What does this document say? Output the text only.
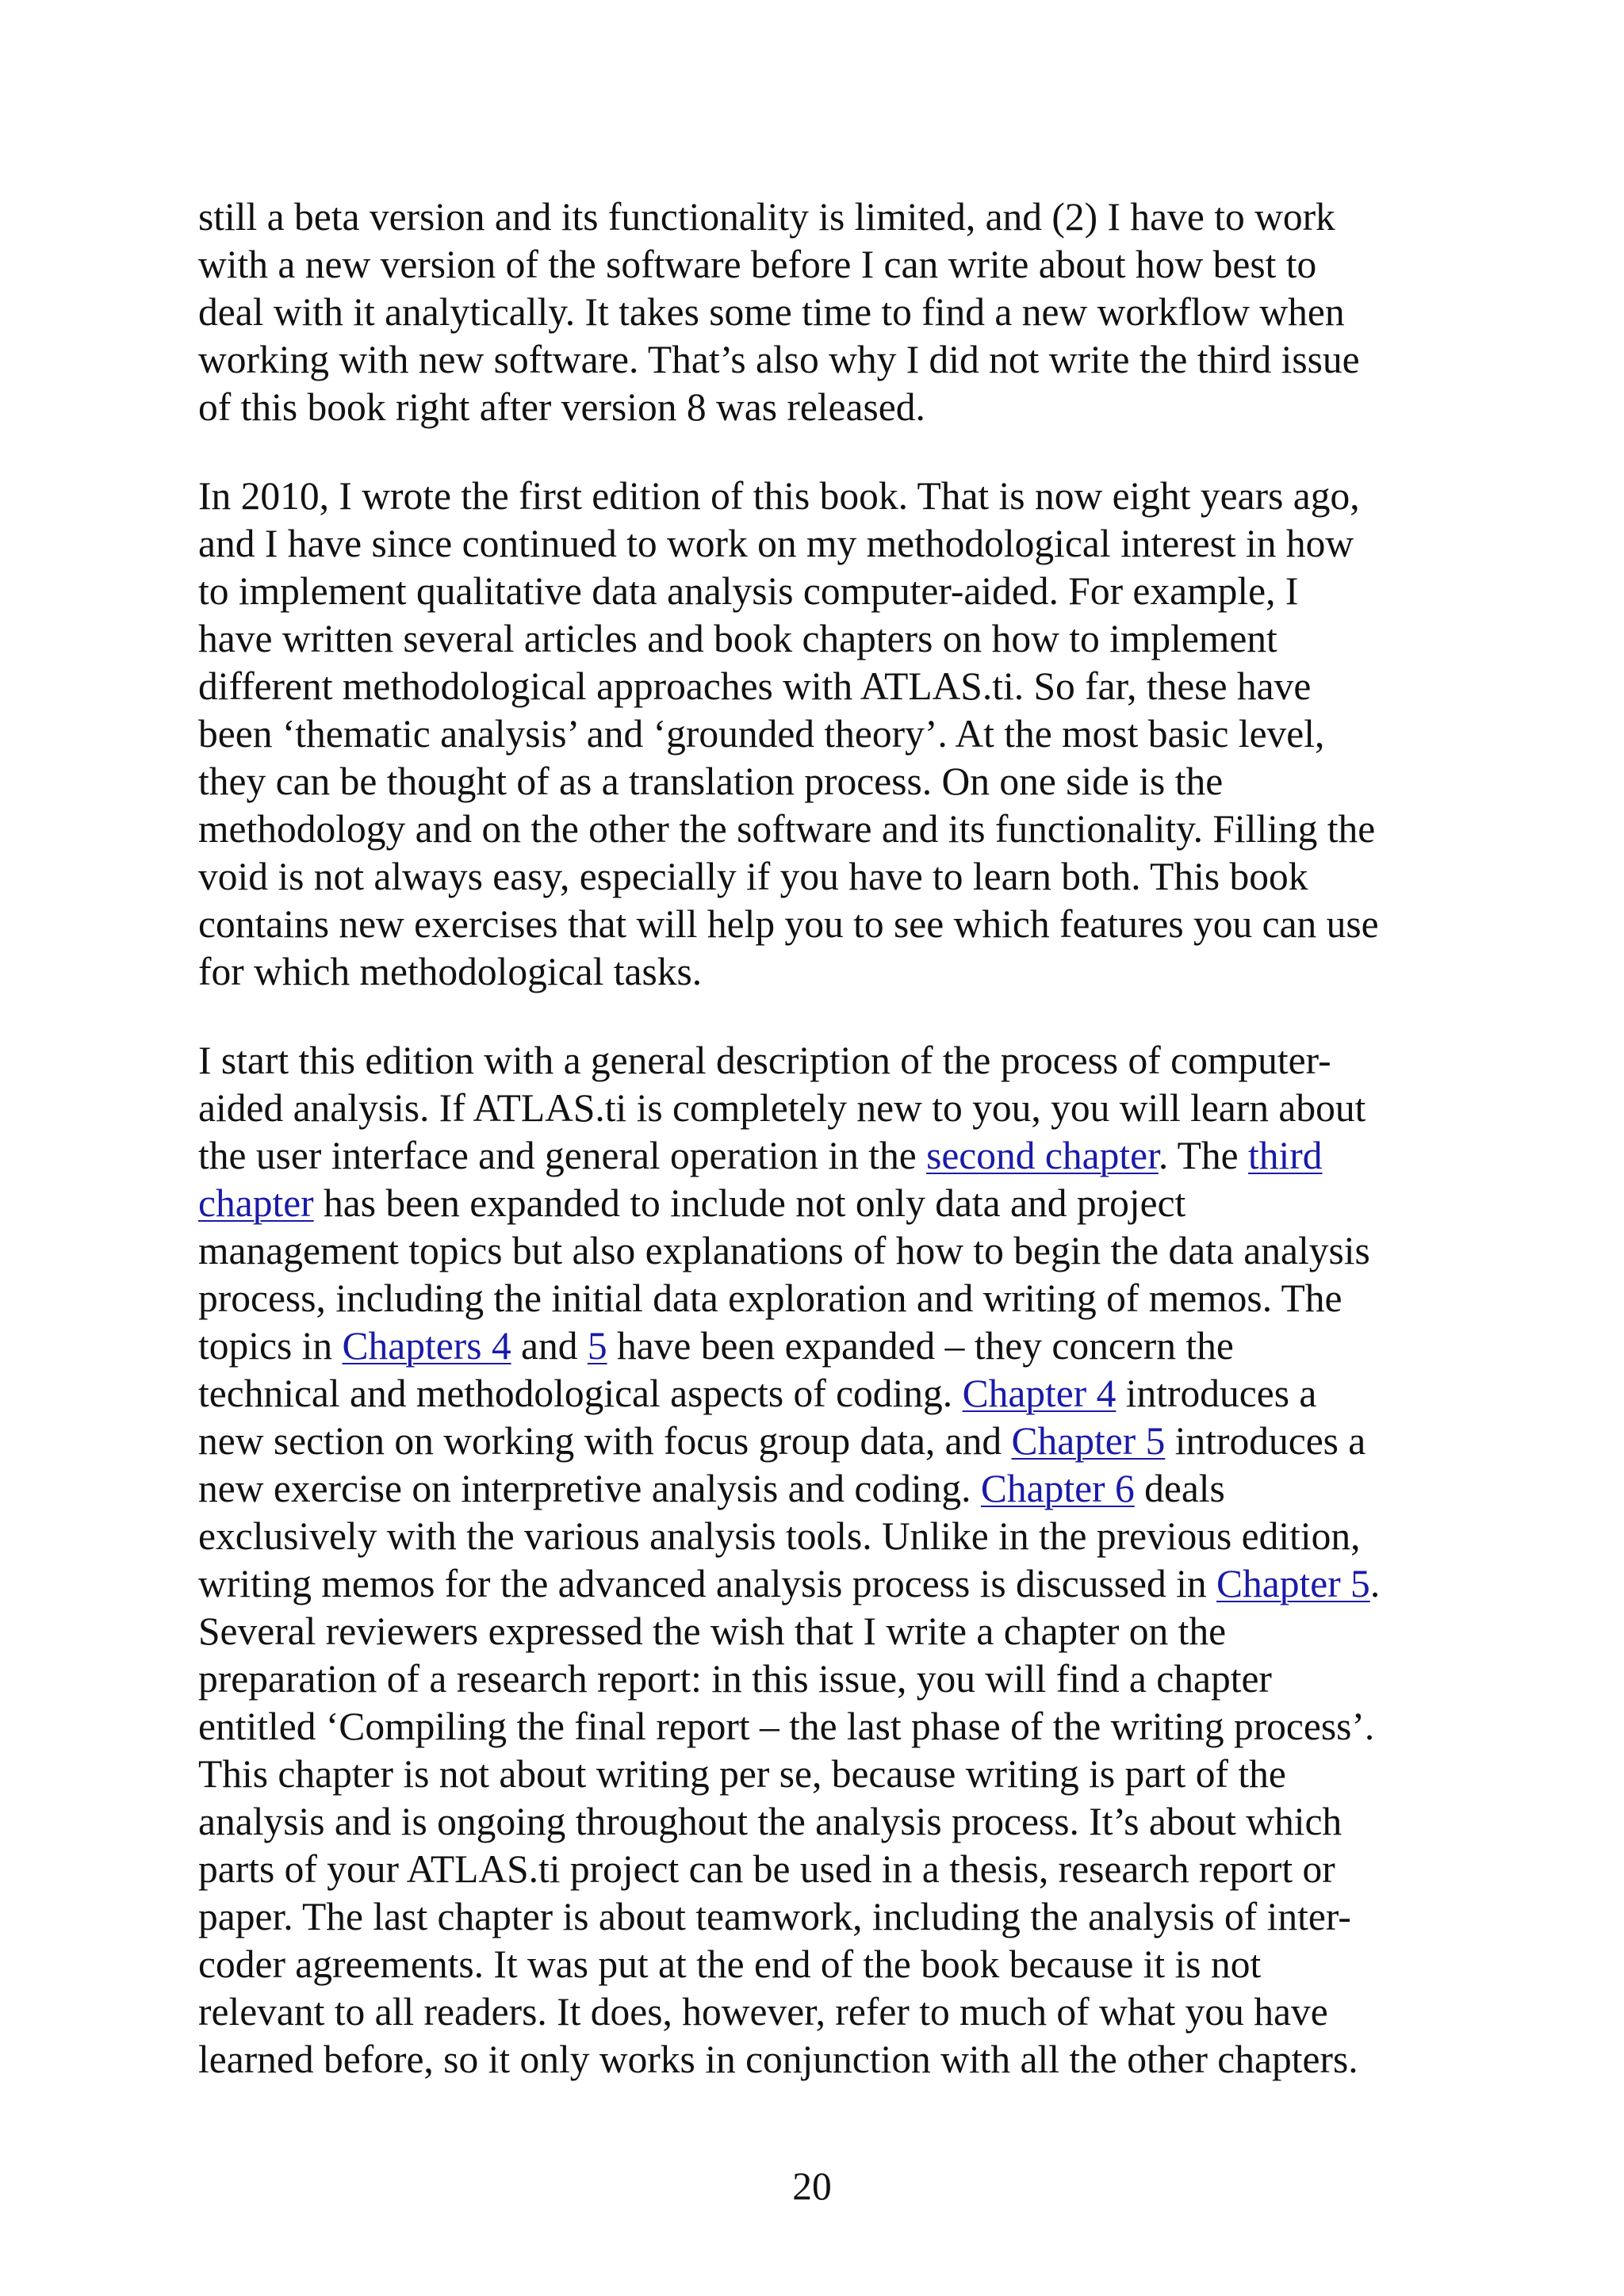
still a beta version and its functionality is limited, and (2) I have to work
with a new version of the software before I can write about how best to
deal with it analytically. It takes some time to find a new workflow when
working with new software. That’s also why I did not write the third issue
of this book right after version 8 was released.

In 2010, I wrote the first edition of this book. That is now eight years ago,
and I have since continued to work on my methodological interest in how
to implement qualitative data analysis computer-aided. For example, I
have written several articles and book chapters on how to implement
different methodological approaches with ATLAS.ti. So far, these have
been ‘thematic analysis’ and ‘grounded theory’. At the most basic level,
they can be thought of as a translation process. On one side is the
methodology and on the other the software and its functionality. Filling the
void is not always easy, especially if you have to learn both. This book
contains new exercises that will help you to see which features you can use
for which methodological tasks.

I start this edition with a general description of the process of computer-
aided analysis. If ATLAS.ti is completely new to you, you will learn about
the user interface and general operation in the second chapter. The third
chapter has been expanded to include not only data and project
management topics but also explanations of how to begin the data analysis
process, including the initial data exploration and writing of memos. The
topics in Chapters 4 and 5 have been expanded – they concern the
technical and methodological aspects of coding. Chapter 4 introduces a
new section on working with focus group data, and Chapter 5 introduces a
new exercise on interpretive analysis and coding. Chapter 6 deals
exclusively with the various analysis tools. Unlike in the previous edition,
writing memos for the advanced analysis process is discussed in Chapter 5.
Several reviewers expressed the wish that I write a chapter on the
preparation of a research report: in this issue, you will find a chapter
entitled ‘Compiling the final report – the last phase of the writing process’.
This chapter is not about writing per se, because writing is part of the
analysis and is ongoing throughout the analysis process. It’s about which
parts of your ATLAS.ti project can be used in a thesis, research report or
paper. The last chapter is about teamwork, including the analysis of inter-
coder agreements. It was put at the end of the book because it is not
relevant to all readers. It does, however, refer to much of what you have
learned before, so it only works in conjunction with all the other chapters.

20
